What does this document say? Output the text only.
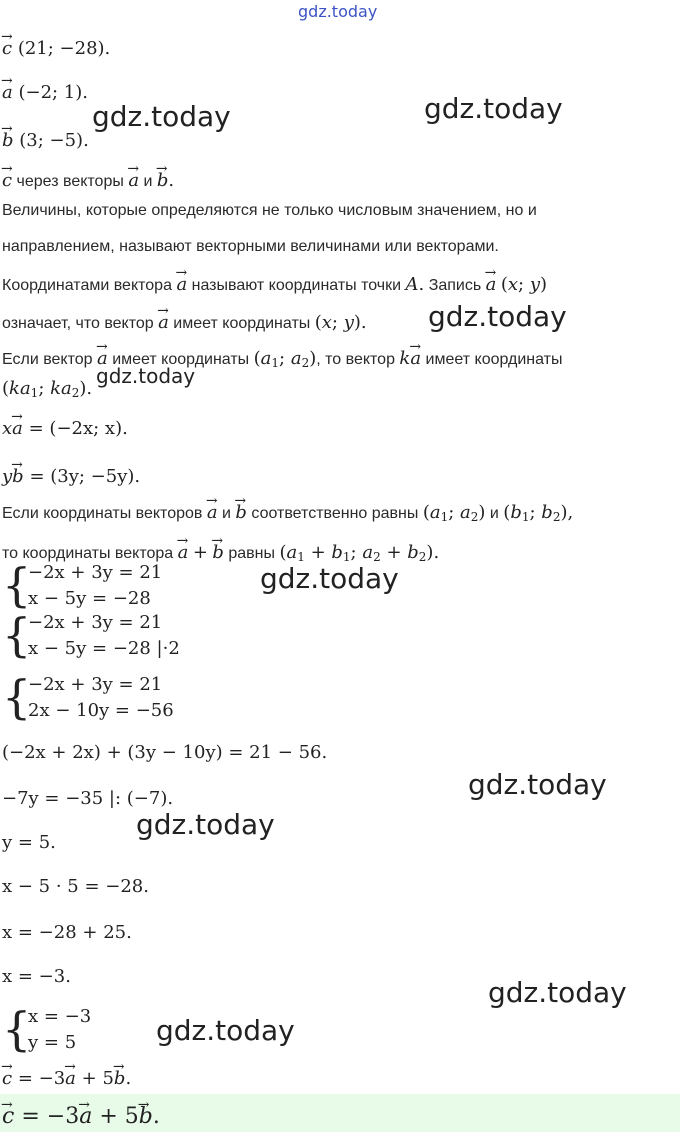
gdz.today
→ c (21; −28).
→ a (−2; 1).
→ b (3; −5).
→ c через векторы → a и → b.
Величины, которые определяются не только числовым значением, но и
направлением, называют векторными величинами или векторами.
Координатами вектора → a называют координаты точки A. Запись → a (x; y)
означает, что вектор → a имеет координаты (x; y).
Если вектор → a имеет координаты ($a_1$; $a_2$), то вектор k→ a имеет координаты
($ka_1$; $ka_2$).
x→ a = (−2x; x).
y→ b = (3y; −5y).
Если координаты векторов → a и → b соответственно равны ($a_1$; $a_2$) и ($b_1$; $b_2$),
то координаты вектора → a + → b равны ($a_1 + b_1$; $a_2 + b_2$).
{
−2x + 3y = 21
x − 5y = −28
{
−2x + 3y = 21
x − 5y = −28 |·2
{
−2x + 3y = 21
2x − 10y = −56
(−2x + 2x) + (3y − 10y) = 21 − 56.
−7y = −35 |: (−7).
y = 5.
x − 5 · 5 = −28.
x = −28 + 25.
x = −3.
{
x = −3
y = 5
→ c = −3→ a + 5→ b.
→ c = −3→ a + 5→ b.
gdz.today	gdz.today
gdz.today
gdz.today
gdz.today
gdz.today
gdz.today
gdz.today
gdz.today
